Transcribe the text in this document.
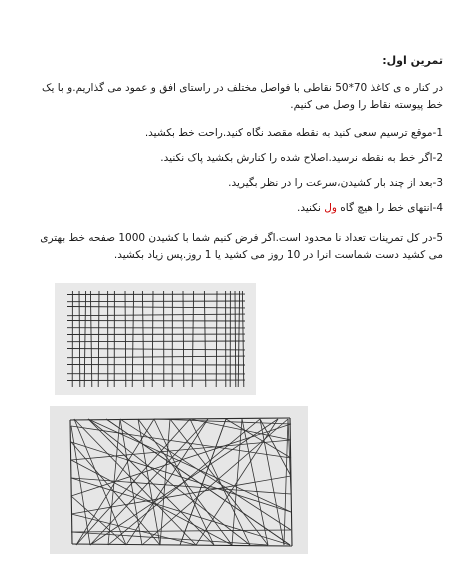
تمرین اول:
در کنار ه ی کاغذ 70*50 نقاطی با فواصل مختلف در راستای افق و عمود می گذاریم.و با یک خط پیوسته نقاط را وصل می کنیم.
1-موقع ترسیم سعی کنید به نقطه مقصد نگاه کنید.راحت خط بکشید.
2-اگر خط به نقطه نرسید.اصلاح شده را کنارش بکشید پاک نکنید.
3-بعد از چند بار کشیدن،سرعت را در نظر بگیرید.
4-انتهای خط را هیچ گاه ول نکنید.
5-در کل تمرینات تعداد نا محدود است.اگر فرض کنیم شما با کشیدن 1000 صفحه خط بهتری می کشید دست شماست انرا در 10 روز می کشید یا 1 روز.پس زیاد بکشید.
